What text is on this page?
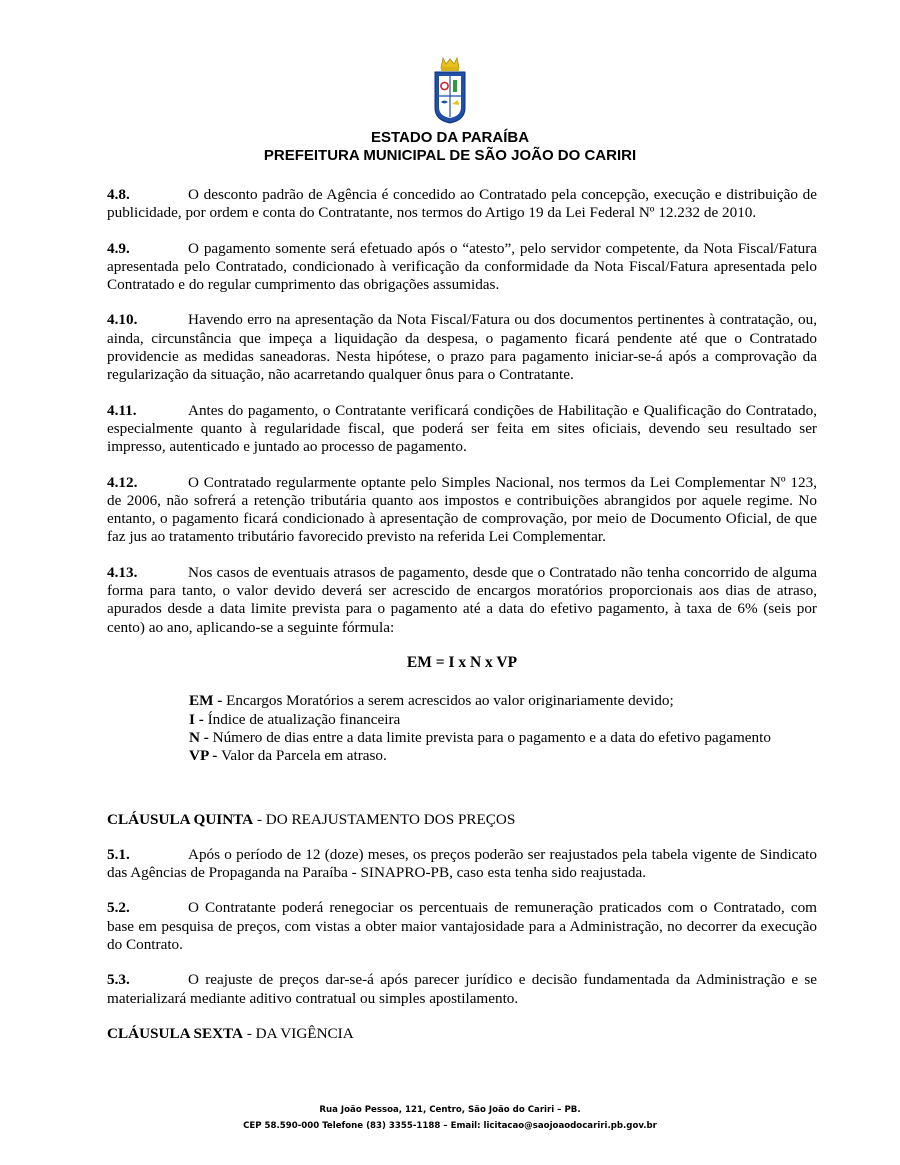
ESTADO DA PARAÍBA
PREFEITURA MUNICIPAL DE SÃO JOÃO DO CARIRI

4.8.	O desconto padrão de Agência é concedido ao Contratado pela concepção, execução e distribuição de publicidade, por ordem e conta do Contratante, nos termos do Artigo 19 da Lei Federal Nº 12.232 de 2010.

4.9.	O pagamento somente será efetuado após o “atesto”, pelo servidor competente, da Nota Fiscal/Fatura apresentada pelo Contratado, condicionado à verificação da conformidade da Nota Fiscal/Fatura apresentada pelo Contratado e do regular cumprimento das obrigações assumidas.

4.10.	Havendo erro na apresentação da Nota Fiscal/Fatura ou dos documentos pertinentes à contratação, ou, ainda, circunstância que impeça a liquidação da despesa, o pagamento ficará pendente até que o Contratado providencie as medidas saneadoras. Nesta hipótese, o prazo para pagamento iniciar-se-á após a comprovação da regularização da situação, não acarretando qualquer ônus para o Contratante.

4.11.	Antes do pagamento, o Contratante verificará condições de Habilitação e Qualificação do Contratado, especialmente quanto à regularidade fiscal, que poderá ser feita em sites oficiais, devendo seu resultado ser impresso, autenticado e juntado ao processo de pagamento.

4.12.	O Contratado regularmente optante pelo Simples Nacional, nos termos da Lei Complementar Nº 123, de 2006, não sofrerá a retenção tributária quanto aos impostos e contribuições abrangidos por aquele regime. No entanto, o pagamento ficará condicionado à apresentação de comprovação, por meio de Documento Oficial, de que faz jus ao tratamento tributário favorecido previsto na referida Lei Complementar.

4.13.	Nos casos de eventuais atrasos de pagamento, desde que o Contratado não tenha concorrido de alguma forma para tanto, o valor devido deverá ser acrescido de encargos moratórios proporcionais aos dias de atraso, apurados desde a data limite prevista para o pagamento até a data do efetivo pagamento, à taxa de 6% (seis por cento) ao ano, aplicando-se a seguinte fórmula:

EM = I x N x VP

EM - Encargos Moratórios a serem acrescidos ao valor originariamente devido;

I - Índice de atualização financeira

N - Número de dias entre a data limite prevista para o pagamento e a data do efetivo pagamento

VP - Valor da Parcela em atraso.

CLÁUSULA QUINTA - DO REAJUSTAMENTO DOS PREÇOS

5.1.	Após o período de 12 (doze) meses, os preços poderão ser reajustados pela tabela vigente de Sindicato das Agências de Propaganda na Paraíba - SINAPRO-PB, caso esta tenha sido reajustada.

5.2.	O Contratante poderá renegociar os percentuais de remuneração praticados com o Contratado, com base em pesquisa de preços, com vistas a obter maior vantajosidade para a Administração, no decorrer da execução do Contrato.

5.3.	O reajuste de preços dar-se-á após parecer jurídico e decisão fundamentada da Administração e se materializará mediante aditivo contratual ou simples apostilamento.

CLÁUSULA SEXTA - DA VIGÊNCIA

Rua João Pessoa, 121, Centro, São João do Cariri – PB.
CEP 58.590-000 Telefone (83) 3355-1188 – Email: licitacao@saojoaodocariri.pb.gov.br
